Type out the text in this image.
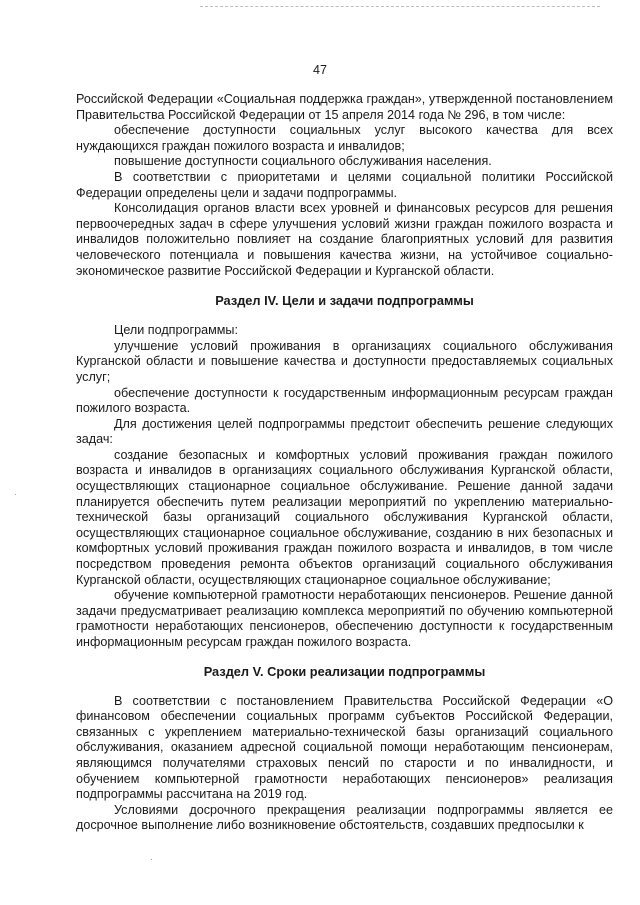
47

Российской Федерации «Социальная поддержка граждан», утвержденной постановлением Правительства Российской Федерации от 15 апреля 2014 года № 296, в том числе:

обеспечение доступности социальных услуг высокого качества для всех нуждающихся граждан пожилого возраста и инвалидов;

повышение доступности социального обслуживания населения.

В соответствии с приоритетами и целями социальной политики Российской Федерации определены цели и задачи подпрограммы.

Консолидация органов власти всех уровней и финансовых ресурсов для решения первоочередных задач в сфере улучшения условий жизни граждан пожилого возраста и инвалидов положительно повлияет на создание благоприятных условий для развития человеческого потенциала и повышения качества жизни, на устойчивое социально-экономическое развитие Российской Федерации и Курганской области.

Раздел IV. Цели и задачи подпрограммы

Цели подпрограммы:

улучшение условий проживания в организациях социального обслуживания Курганской области и повышение качества и доступности предоставляемых социальных услуг;

обеспечение доступности к государственным информационным ресурсам граждан пожилого возраста.

Для достижения целей подпрограммы предстоит обеспечить решение следующих задач:

создание безопасных и комфортных условий проживания граждан пожилого возраста и инвалидов в организациях социального обслуживания Курганской области, осуществляющих стационарное социальное обслуживание. Решение данной задачи планируется обеспечить путем реализации мероприятий по укреплению материально-технической базы организаций социального обслуживания Курганской области, осуществляющих стационарное социальное обслуживание, созданию в них безопасных и комфортных условий проживания граждан пожилого возраста и инвалидов, в том числе посредством проведения ремонта объектов организаций социального обслуживания Курганской области, осуществляющих стационарное социальное обслуживание;

обучение компьютерной грамотности неработающих пенсионеров. Решение данной задачи предусматривает реализацию комплекса мероприятий по обучению компьютерной грамотности неработающих пенсионеров, обеспечению доступности к государственным информационным ресурсам граждан пожилого возраста.

Раздел V. Сроки реализации подпрограммы

В соответствии с постановлением Правительства Российской Федерации «О финансовом обеспечении социальных программ субъектов Российской Федерации, связанных с укреплением материально-технической базы организаций социального обслуживания, оказанием адресной социальной помощи неработающим пенсионерам, являющимся получателями страховых пенсий по старости и по инвалидности, и обучением компьютерной грамотности неработающих пенсионеров» реализация подпрограммы рассчитана на 2019 год.

Условиями досрочного прекращения реализации подпрограммы является ее досрочное выполнение либо возникновение обстоятельств, создавших предпосылки к

·
·
